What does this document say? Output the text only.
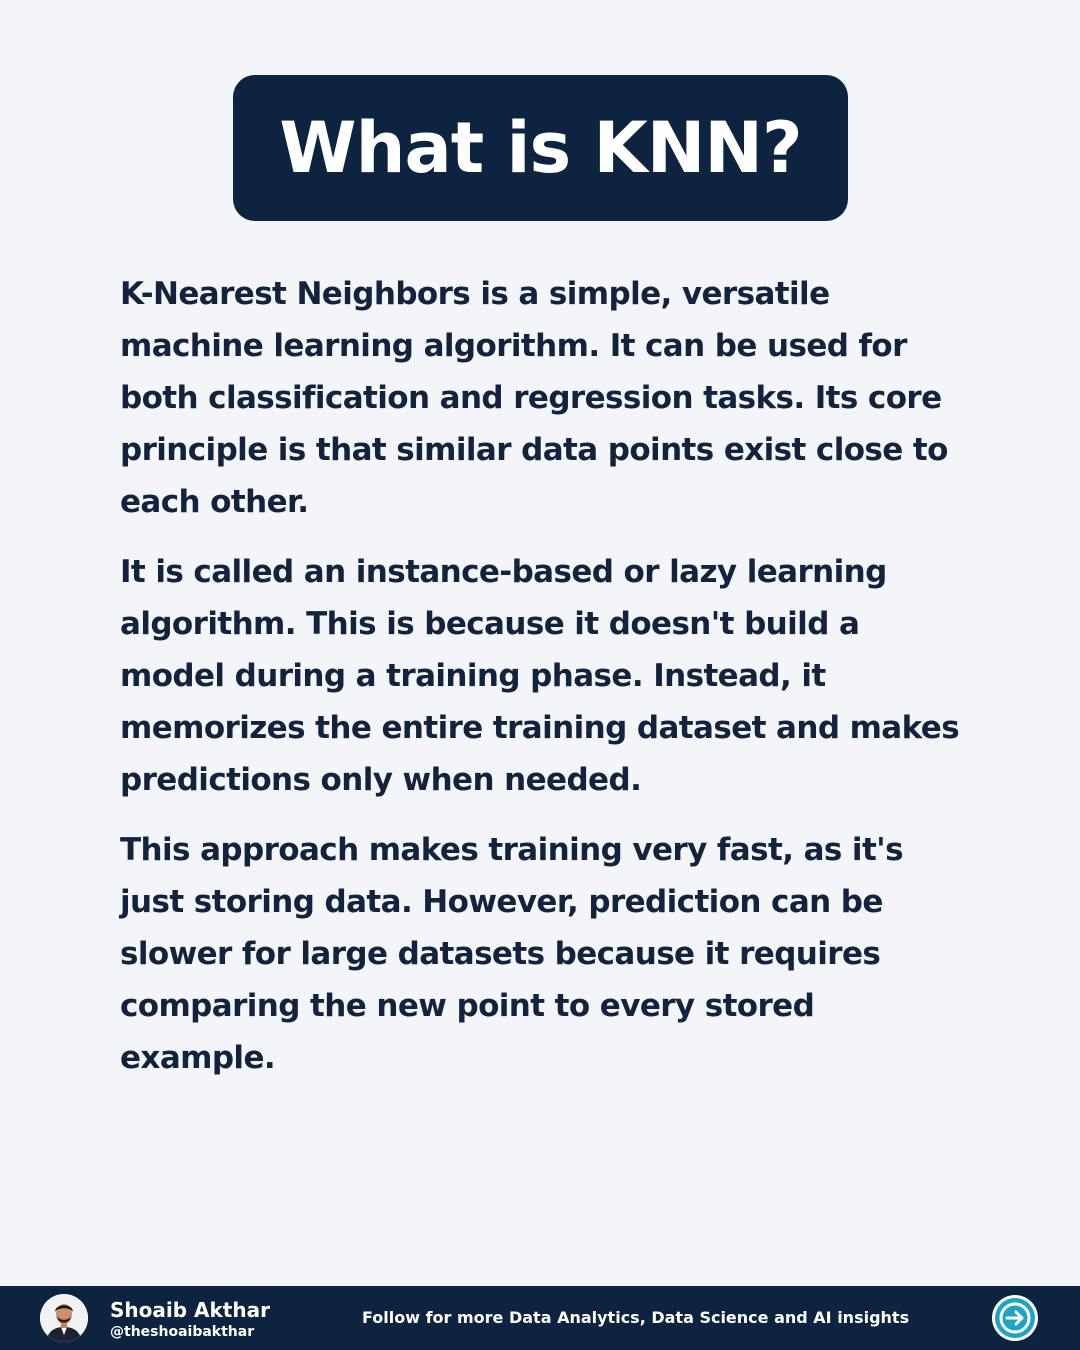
What is KNN?

K-Nearest Neighbors is a simple, versatile machine learning algorithm. It can be used for both classification and regression tasks. Its core principle is that similar data points exist close to each other.

It is called an instance-based or lazy learning algorithm. This is because it doesn't build a model during a training phase. Instead, it memorizes the entire training dataset and makes predictions only when needed.

This approach makes training very fast, as it's just storing data. However, prediction can be slower for large datasets because it requires comparing the new point to every stored example.

Shoaib Akthar
@theshoaibakthar
Follow for more Data Analytics, Data Science and AI insights
